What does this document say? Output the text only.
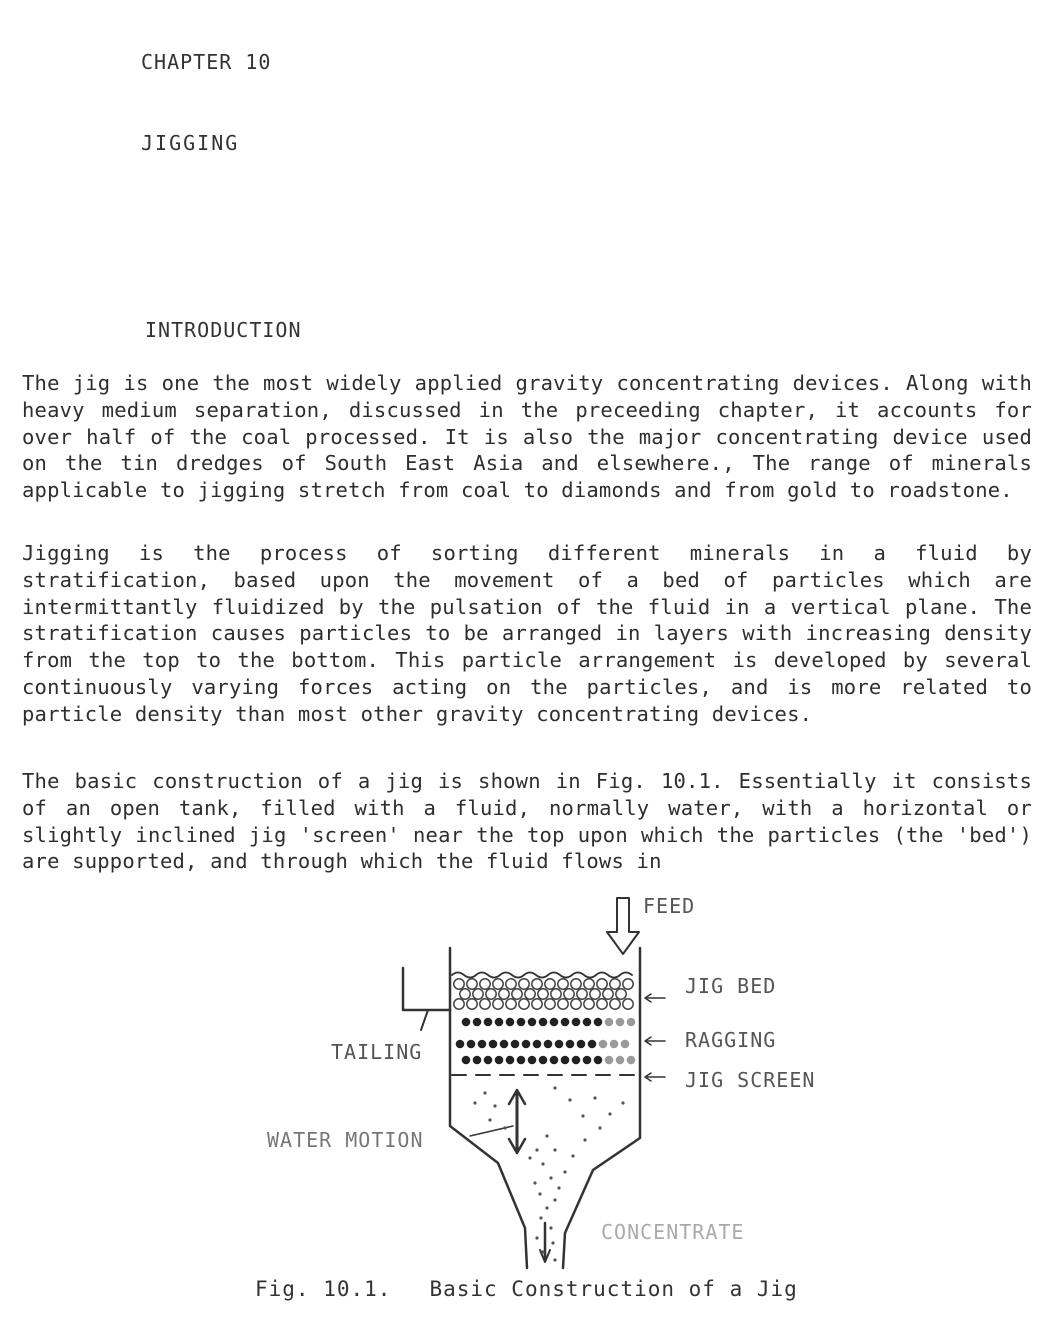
CHAPTER 10
JIGGING
INTRODUCTION

The jig is one the most widely applied gravity concentrating devices. Along with heavy medium separation, discussed in the preceeding chapter, it accounts for over half of the coal processed. It is also the major concentrating device used on the tin dredges of South East Asia and elsewhere., The range of minerals applicable to jigging stretch from coal to diamonds and from gold to roadstone.

Jigging is the process of sorting different minerals in a fluid by stratification, based upon the movement of a bed of particles which are intermittantly fluidized by the pulsation of the fluid in a vertical plane. The stratification causes particles to be arranged in layers with increasing density from the top to the bottom. This particle arrangement is developed by several continuously varying forces acting on the particles, and is more related to particle density than most other gravity concentrating devices.

The basic construction of a jig is shown in Fig. 10.1. Essentially it consists of an open tank, filled with a fluid, normally water, with a horizontal or slightly inclined jig 'screen' near the top upon which the particles (the 'bed') are supported, and through which the fluid flows in

FEED
JIG BED
RAGGING
JIG SCREEN
TAILING
WATER MOTION
CONCENTRATE
Fig. 10.1. Basic Construction of a Jig
